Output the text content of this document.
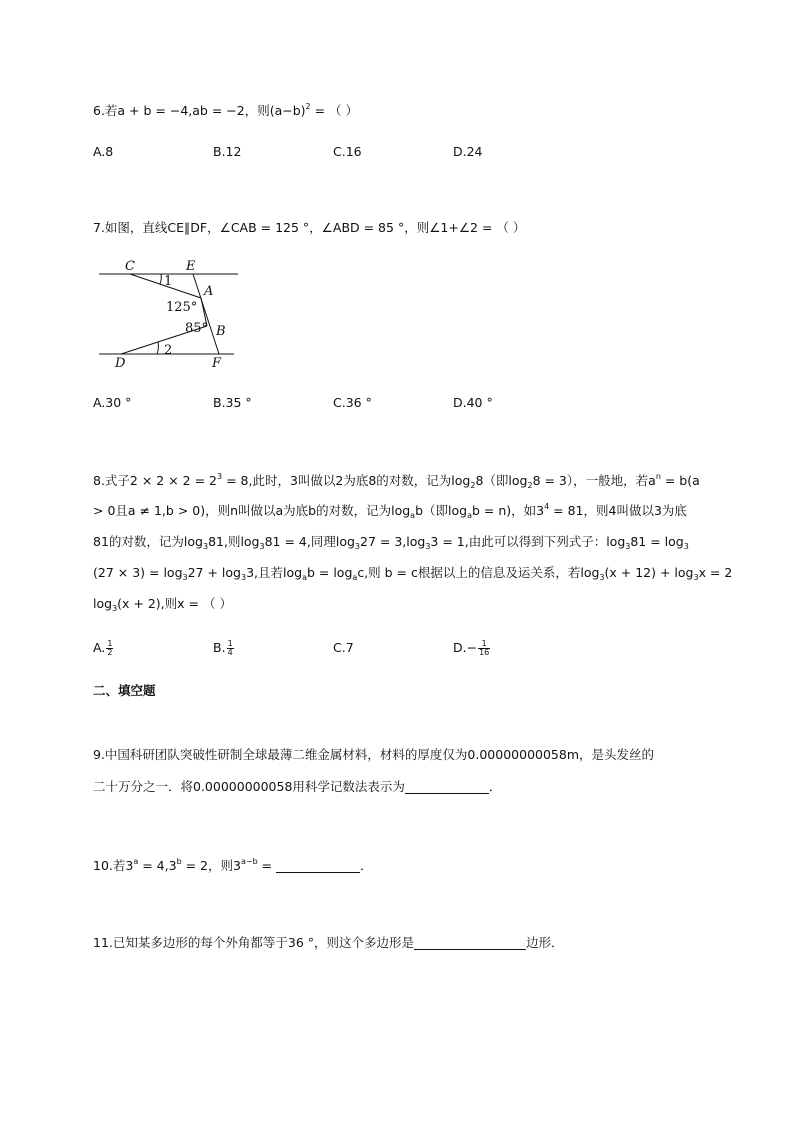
6.若a + b = −4,ab = −2，则$(a-b)^2$ = （ ）
A.8	B.12	C.16	D.24
7.如图，直线CE∥DF，∠CAB = 125 °，∠ABD = 85 °，则∠1+∠2 = （ ）
C	E
A
B
D	F
1
2
125°
85°
A.30 °	B.35 °	C.36 °	D.40 °
8.式子$2 \times 2 \times 2 = 2^3 = 8$,此时，3叫做以2为底8的对数，记为$\log_28$（即$\log_28 = 3$），一般地，若$a^n = b(a$
> 0且a ≠ 1,b > 0)，则n叫做以a为底b的对数，记为$\log_ab$（即$\log_ab = n$)，如$3^4 = 81$，则4叫做以3为底
81的对数，记为$\log_381$,则$\log_381 = 4$,同理$\log_327 = 3,\log_33 = 1$,由此可以得到下列式子：$\log_381 = \log_3$
$(27 \times 3) = \log_327 + \log_33$,且若$\log_ab = \log_ac$,则 b = c根据以上的信息及运关系，若$\log_3(x + 12) + \log_3x = 2$
$\log_3(x + 2)$,则x = （ ）
A. $\frac{1}{2}$	B. $\frac{1}{4}$	C.7	$D.- \frac{1}{16}$
二、填空题
9.中国科研团队突破性研制全球最薄二维金属材料，材料的厚度仅为0.00000000058m，是头发丝的
二十万分之一．将0.00000000058用科学记数法表示为	．
10.若$3^a = 4,3^b = 2$，则$3^{a-b}$ =	．
11.已知某多边形的每个外角都等于36 °，则这个多边形是	边形．
